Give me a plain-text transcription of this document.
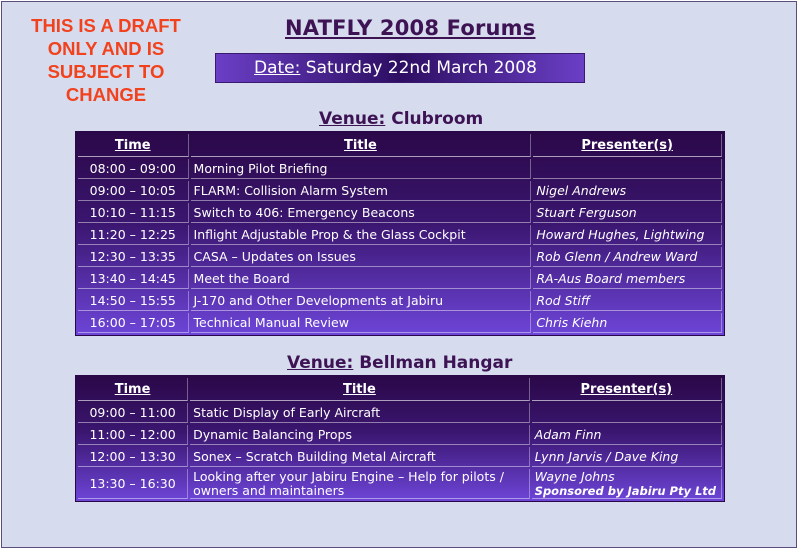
THIS IS A DRAFT ONLY AND IS SUBJECT TO CHANGE
NATFLY 2008 Forums
Date: Saturday 22nd March 2008
Venue: Clubroom
Time	Title	Presenter(s)
08:00 – 09:00	Morning Pilot Briefing	
09:00 – 10:05	FLARM: Collision Alarm System	Nigel Andrews
10:10 – 11:15	Switch to 406: Emergency Beacons	Stuart Ferguson
11:20 – 12:25	Inflight Adjustable Prop & the Glass Cockpit	Howard Hughes, Lightwing
12:30 – 13:35	CASA – Updates on Issues	Rob Glenn / Andrew Ward
13:40 – 14:45	Meet the Board	RA-Aus Board members
14:50 – 15:55	J-170 and Other Developments at Jabiru	Rod Stiff
16:00 – 17:05	Technical Manual Review	Chris Kiehn
Venue: Bellman Hangar
Time	Title	Presenter(s)
09:00 – 11:00	Static Display of Early Aircraft	
11:00 – 12:00	Dynamic Balancing Props	Adam Finn
12:00 – 13:30	Sonex – Scratch Building Metal Aircraft	Lynn Jarvis / Dave King
13:30 – 16:30	Looking after your Jabiru Engine – Help for pilots / owners and maintainers	Wayne Johns
Sponsored by Jabiru Pty Ltd
